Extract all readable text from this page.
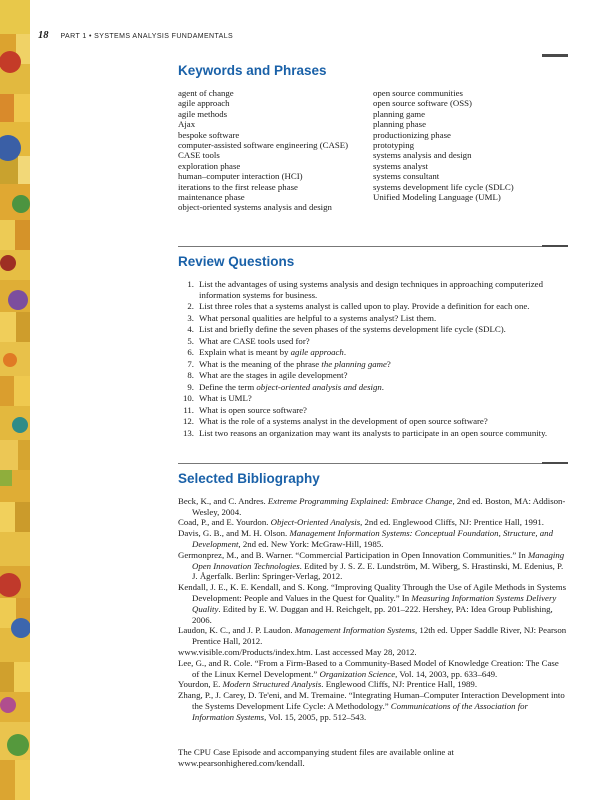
18 PART 1 • SYSTEMS ANALYSIS FUNDAMENTALS
Keywords and Phrases
agent of change
agile approach
agile methods
Ajax
bespoke software
computer-assisted software engineering (CASE)
CASE tools
exploration phase
human–computer interaction (HCI)
iterations to the first release phase
maintenance phase
object-oriented systems analysis and design
open source communities
open source software (OSS)
planning game
planning phase
productionizing phase
prototyping
systems analysis and design
systems analyst
systems consultant
systems development life cycle (SDLC)
Unified Modeling Language (UML)
Review Questions
1. List the advantages of using systems analysis and design techniques in approaching computerized information systems for business.
2. List three roles that a systems analyst is called upon to play. Provide a definition for each one.
3. What personal qualities are helpful to a systems analyst? List them.
4. List and briefly define the seven phases of the systems development life cycle (SDLC).
5. What are CASE tools used for?
6. Explain what is meant by agile approach.
7. What is the meaning of the phrase the planning game?
8. What are the stages in agile development?
9. Define the term object-oriented analysis and design.
10. What is UML?
11. What is open source software?
12. What is the role of a systems analyst in the development of open source software?
13. List two reasons an organization may want its analysts to participate in an open source community.
Selected Bibliography
Beck, K., and C. Andres. Extreme Programming Explained: Embrace Change, 2nd ed. Boston, MA: Addison-Wesley, 2004.
Coad, P., and E. Yourdon. Object-Oriented Analysis, 2nd ed. Englewood Cliffs, NJ: Prentice Hall, 1991.
Davis, G. B., and M. H. Olson. Management Information Systems: Conceptual Foundation, Structure, and Development, 2nd ed. New York: McGraw-Hill, 1985.
Germonprez, M., and B. Warner. “Commercial Participation in Open Innovation Communities.” In Managing Open Innovation Technologies. Edited by J. S. Z. E. Lundström, M. Wiberg, S. Hrastinski, M. Edenius, P. J. Ågerfalk. Berlin: Springer-Verlag, 2012.
Kendall, J. E., K. E. Kendall, and S. Kong. “Improving Quality Through the Use of Agile Methods in Systems Development: People and Values in the Quest for Quality.” In Measuring Information Systems Delivery Quality. Edited by E. W. Duggan and H. Reichgelt, pp. 201–222. Hershey, PA: Idea Group Publishing, 2006.
Laudon, K. C., and J. P. Laudon. Management Information Systems, 12th ed. Upper Saddle River, NJ: Pearson Prentice Hall, 2012.
www.visible.com/Products/index.htm. Last accessed May 28, 2012.
Lee, G., and R. Cole. “From a Firm-Based to a Community-Based Model of Knowledge Creation: The Case of the Linux Kernel Development.” Organization Science, Vol. 14, 2003, pp. 633–649.
Yourdon, E. Modern Structured Analysis. Englewood Cliffs, NJ: Prentice Hall, 1989.
Zhang, P., J. Carey, D. Te'eni, and M. Tremaine. “Integrating Human–Computer Interaction Development into the Systems Development Life Cycle: A Methodology.” Communications of the Association for Information Systems, Vol. 15, 2005, pp. 512–543.

The CPU Case Episode and accompanying student files are available online at www.pearsonhighered.com/kendall.
